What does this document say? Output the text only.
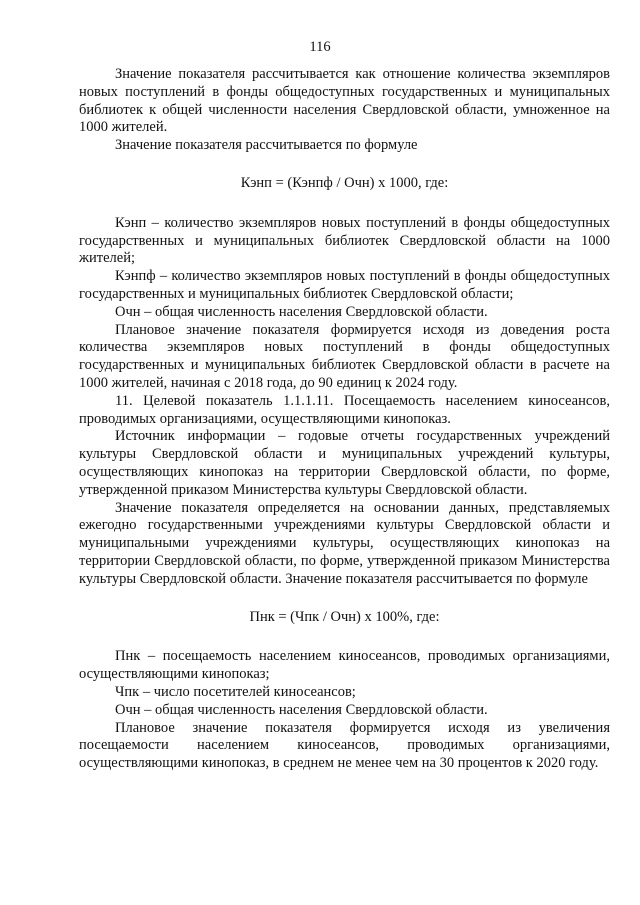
116

Значение показателя рассчитывается как отношение количества экземпляров новых поступлений в фонды общедоступных государственных и муниципальных библиотек к общей численности населения Свердловской области, умноженное на 1000 жителей.

Значение показателя рассчитывается по формуле

Кэнп = (Кэнпф / Очн) x 1000, где:

Кэнп – количество экземпляров новых поступлений в фонды общедоступных государственных и муниципальных библиотек Свердловской области на 1000 жителей;

Кэнпф – количество экземпляров новых поступлений в фонды общедоступных государственных и муниципальных библиотек Свердловской области;

Очн – общая численность населения Свердловской области.

Плановое значение показателя формируется исходя из доведения роста количества экземпляров новых поступлений в фонды общедоступных государственных и муниципальных библиотек Свердловской области в расчете на 1000 жителей, начиная с 2018 года, до 90 единиц к 2024 году.

11. Целевой показатель 1.1.1.11. Посещаемость населением киносеансов, проводимых организациями, осуществляющими кинопоказ.

Источник информации – годовые отчеты государственных учреждений культуры Свердловской области и муниципальных учреждений культуры, осуществляющих кинопоказ на территории Свердловской области, по форме, утвержденной приказом Министерства культуры Свердловской области.

Значение показателя определяется на основании данных, представляемых ежегодно государственными учреждениями культуры Свердловской области и муниципальными учреждениями культуры, осуществляющих кинопоказ на территории Свердловской области, по форме, утвержденной приказом Министерства культуры Свердловской области. Значение показателя рассчитывается по формуле

Пнк = (Чпк / Очн) x 100%, где:

Пнк – посещаемость населением киносеансов, проводимых организациями, осуществляющими кинопоказ;

Чпк – число посетителей киносеансов;

Очн – общая численность населения Свердловской области.

Плановое значение показателя формируется исходя из увеличения посещаемости населением киносеансов, проводимых организациями, осуществляющими кинопоказ, в среднем не менее чем на 30 процентов к 2020 году.
